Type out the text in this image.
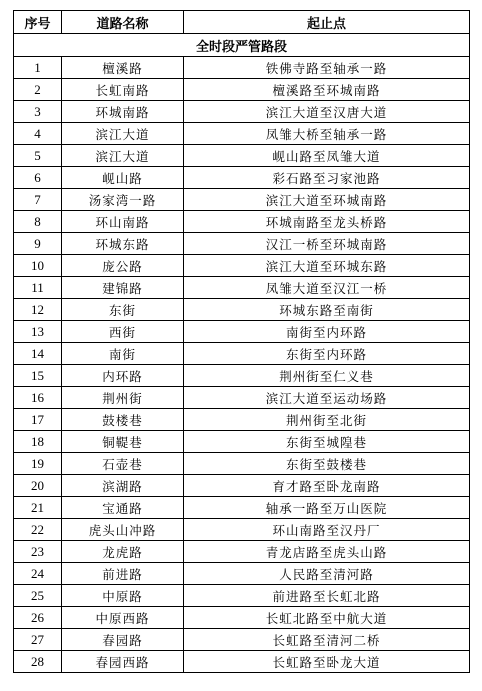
序号	道路名称	起止点
全时段严管路段		
1	檀溪路	铁佛寺路至轴承一路
2	长虹南路	檀溪路至环城南路
3	环城南路	滨江大道至汉唐大道
4	滨江大道	凤雏大桥至轴承一路
5	滨江大道	岘山路至凤雏大道
6	岘山路	彩石路至习家池路
7	汤家湾一路	滨江大道至环城南路
8	环山南路	环城南路至龙头桥路
9	环城东路	汉江一桥至环城南路
10	庞公路	滨江大道至环城东路
11	建锦路	凤雏大道至汉江一桥
12	东街	环城东路至南街
13	西街	南街至内环路
14	南街	东街至内环路
15	内环路	荆州街至仁义巷
16	荆州街	滨江大道至运动场路
17	鼓楼巷	荆州街至北街
18	铜鞮巷	东街至城隍巷
19	石壶巷	东街至鼓楼巷
20	滨湖路	育才路至卧龙南路
21	宝通路	轴承一路至万山医院
22	虎头山冲路	环山南路至汉丹厂
23	龙虎路	青龙店路至虎头山路
24	前进路	人民路至清河路
25	中原路	前进路至长虹北路
26	中原西路	长虹北路至中航大道
27	春园路	长虹路至清河二桥
28	春园西路	长虹路至卧龙大道
